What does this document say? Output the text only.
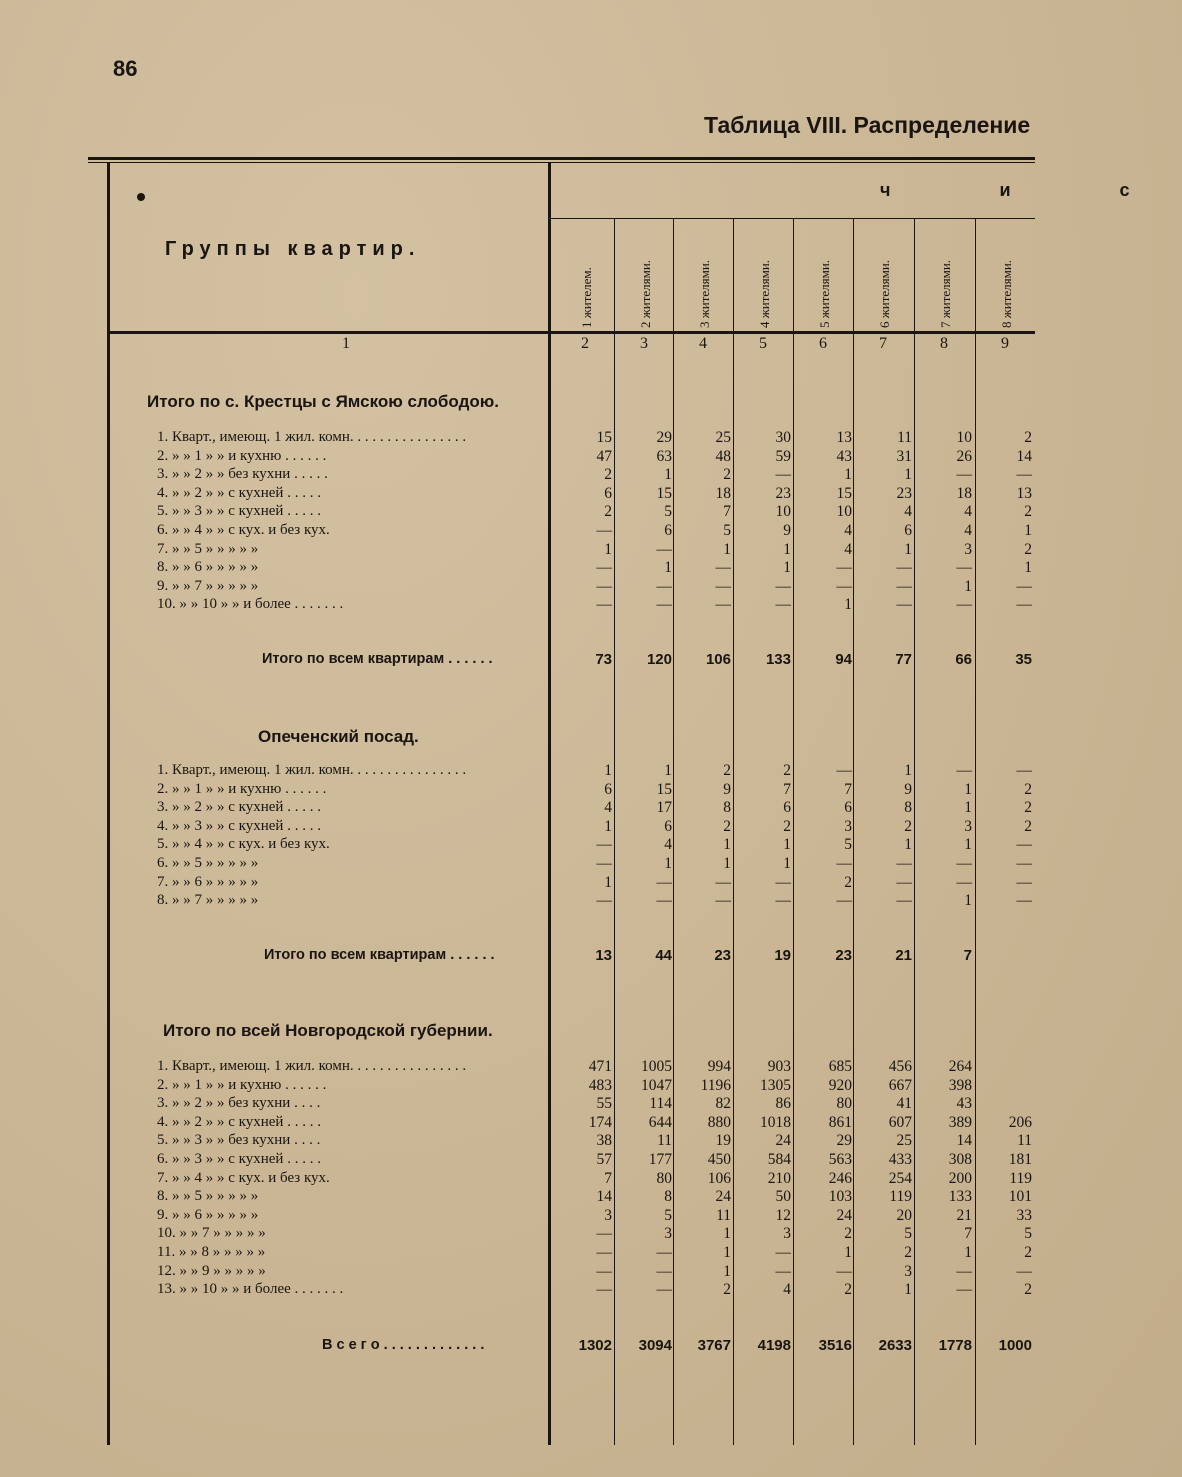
86
Таблица VIII. Распределение
Группы квартир.
ч и с
1 жителем.	2 жителями.	3 жителями.	4 жителями.	5 жителями.	6 жителями.	7 жителями.	8 жителями.
1	2	3	4	5	6	7	8	9
Итого по с. Крестцы с Ямскою слободою.
1. Кварт., имеющ. 1 жил. комн. . . . . . . . . . . . . . . .	15	29	25	30	13	11	10	2
2. » » 1 » » и кухню . . . . . .	47	63	48	59	43	31	26	14
3. » » 2 » » без кухни . . . . .	2	1	2	—	1	1	—	—
4. » » 2 » » с кухней . . . . .	6	15	18	23	15	23	18	13
5. » » 3 » » с кухней . . . . .	2	5	7	10	10	4	4	2
6. » » 4 » » с кух. и без кух.	—	6	5	9	4	6	4	1
7. » » 5 » » » » »	1	—	1	1	4	1	3	2
8. » » 6 » » » » »	—	1	—	1	—	—	—	1
9. » » 7 » » » » »	—	—	—	—	—	—	1	—
10. » » 10 » » и более . . . . . . .	—	—	—	—	1	—	—	—
Итого по всем квартирам . . . . . .	73	120	106	133	94	77	66	35
Опеченский посад.
1. Кварт., имеющ. 1 жил. комн. . . . . . . . . . . . . . . .	1	1	2	2	—	1	—	—
2. » » 1 » » и кухню . . . . . .	6	15	9	7	7	9	1	2
3. » » 2 » » с кухней . . . . .	4	17	8	6	6	8	1	2
4. » » 3 » » с кухней . . . . .	1	6	2	2	3	2	3	2
5. » » 4 » » с кух. и без кух.	—	4	1	1	5	1	1	—
6. » » 5 » » » » »	—	1	1	1	—	—	—	—
7. » » 6 » » » » »	1	—	—	—	2	—	—	—
8. » » 7 » » » » »	—	—	—	—	—	—	1	—
Итого по всем квартирам . . . . . .	13	44	23	19	23	21	7
Итого по всей Новгородской губернии.
1. Кварт., имеющ. 1 жил. комн. . . . . . . . . . . . . . . .	471	1005	994	903	685	456	264
2. » » 1 » » и кухню . . . . . .	483	1047	1196	1305	920	667	398
3. » » 2 » » без кухни . . . .	55	114	82	86	80	41	43
4. » » 2 » » с кухней . . . . .	174	644	880	1018	861	607	389	206
5. » » 3 » » без кухни . . . .	38	11	19	24	29	25	14	11
6. » » 3 » » с кухней . . . . .	57	177	450	584	563	433	308	181
7. » » 4 » » с кух. и без кух.	7	80	106	210	246	254	200	119
8. » » 5 » » » » »	14	8	24	50	103	119	133	101
9. » » 6 » » » » »	3	5	11	12	24	20	21	33
10. » » 7 » » » » »	—	3	1	3	2	5	7	5
11. » » 8 » » » » »	—	—	1	—	1	2	1	2
12. » » 9 » » » » »	—	—	1	—	—	3	—	—
13. » » 10 » » и более . . . . . . .	—	—	2	4	2	1	—	2
В с е г о . . . . . . . . . . . . .	1302	3094	3767	4198	3516	2633	1778	1000
